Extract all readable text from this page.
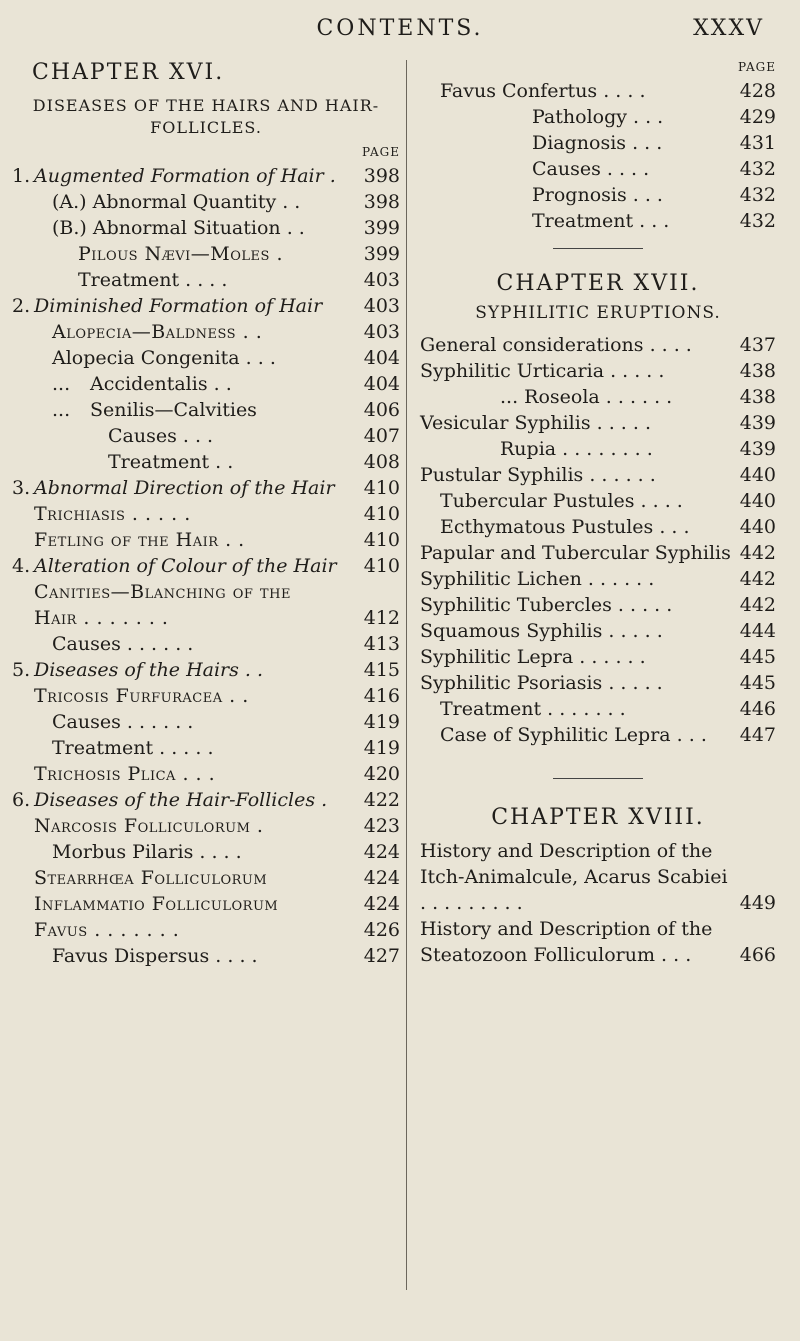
CONTENTS.	XXXV
CHAPTER XVI.
DISEASES OF THE HAIRS AND HAIR-
FOLLICLES.
PAGE
1. Augmented Formation of Hair . 398
(A.) Abnormal Quantity . .	398
(B.) Abnormal Situation . .	399
Pilous Nævi—Moles .	399
Treatment . . . .	403
2. Diminished Formation of Hair 403
Alopecia—Baldness . .	403
Alopecia Congenita . . .	404
... Accidentalis . .	404
... Senilis—Calvities	406
Causes . . .	407
Treatment . .	408
3. Abnormal Direction of the Hair 410
Trichiasis . . . . .	410
Fetling of the Hair . .	410
4. Alteration of Colour of the Hair 410
Canities—Blanching of the
Hair . . . . . . .	412
Causes . . . . . .	413
5. Diseases of the Hairs . .	415
Tricosis Furfuracea . .	416
Causes . . . . . .	419
Treatment . . . . .	419
Trichosis Plica . . .	420
6. Diseases of the Hair-Follicles . 422
Narcosis Folliculorum .	423
Morbus Pilaris . . . .	424
Stearrhœa Folliculorum	424
Inflammatio Folliculorum	424
Favus . . . . . . .	426
Favus Dispersus . . . .	427
PAGE
Favus Confertus . . . .	428
Pathology . . .	429
Diagnosis . . .	431
Causes . . . .	432
Prognosis . . .	432
Treatment . . .	432
CHAPTER XVII.
SYPHILITIC ERUPTIONS.
General considerations . . . .	437
Syphilitic Urticaria . . . . .	438
... Roseola . . . . . .	438
Vesicular Syphilis . . . . .	439
Rupia . . . . . . . .	439
Pustular Syphilis . . . . . .	440
Tubercular Pustules . . . .	440
Ecthymatous Pustules . . .	440
Papular and Tubercular Syphilis 442
Syphilitic Lichen . . . . . .	442
Syphilitic Tubercles . . . . .	442
Squamous Syphilis . . . . .	444
Syphilitic Lepra . . . . . .	445
Syphilitic Psoriasis . . . . .	445
Treatment . . . . . . .	446
Case of Syphilitic Lepra . . . 447
CHAPTER XVIII.
History and Description of the Itch-Animalcule, Acarus Scabiei . . . . . . . . .	449
History and Description of the Steatozoon Folliculorum . . .	466
